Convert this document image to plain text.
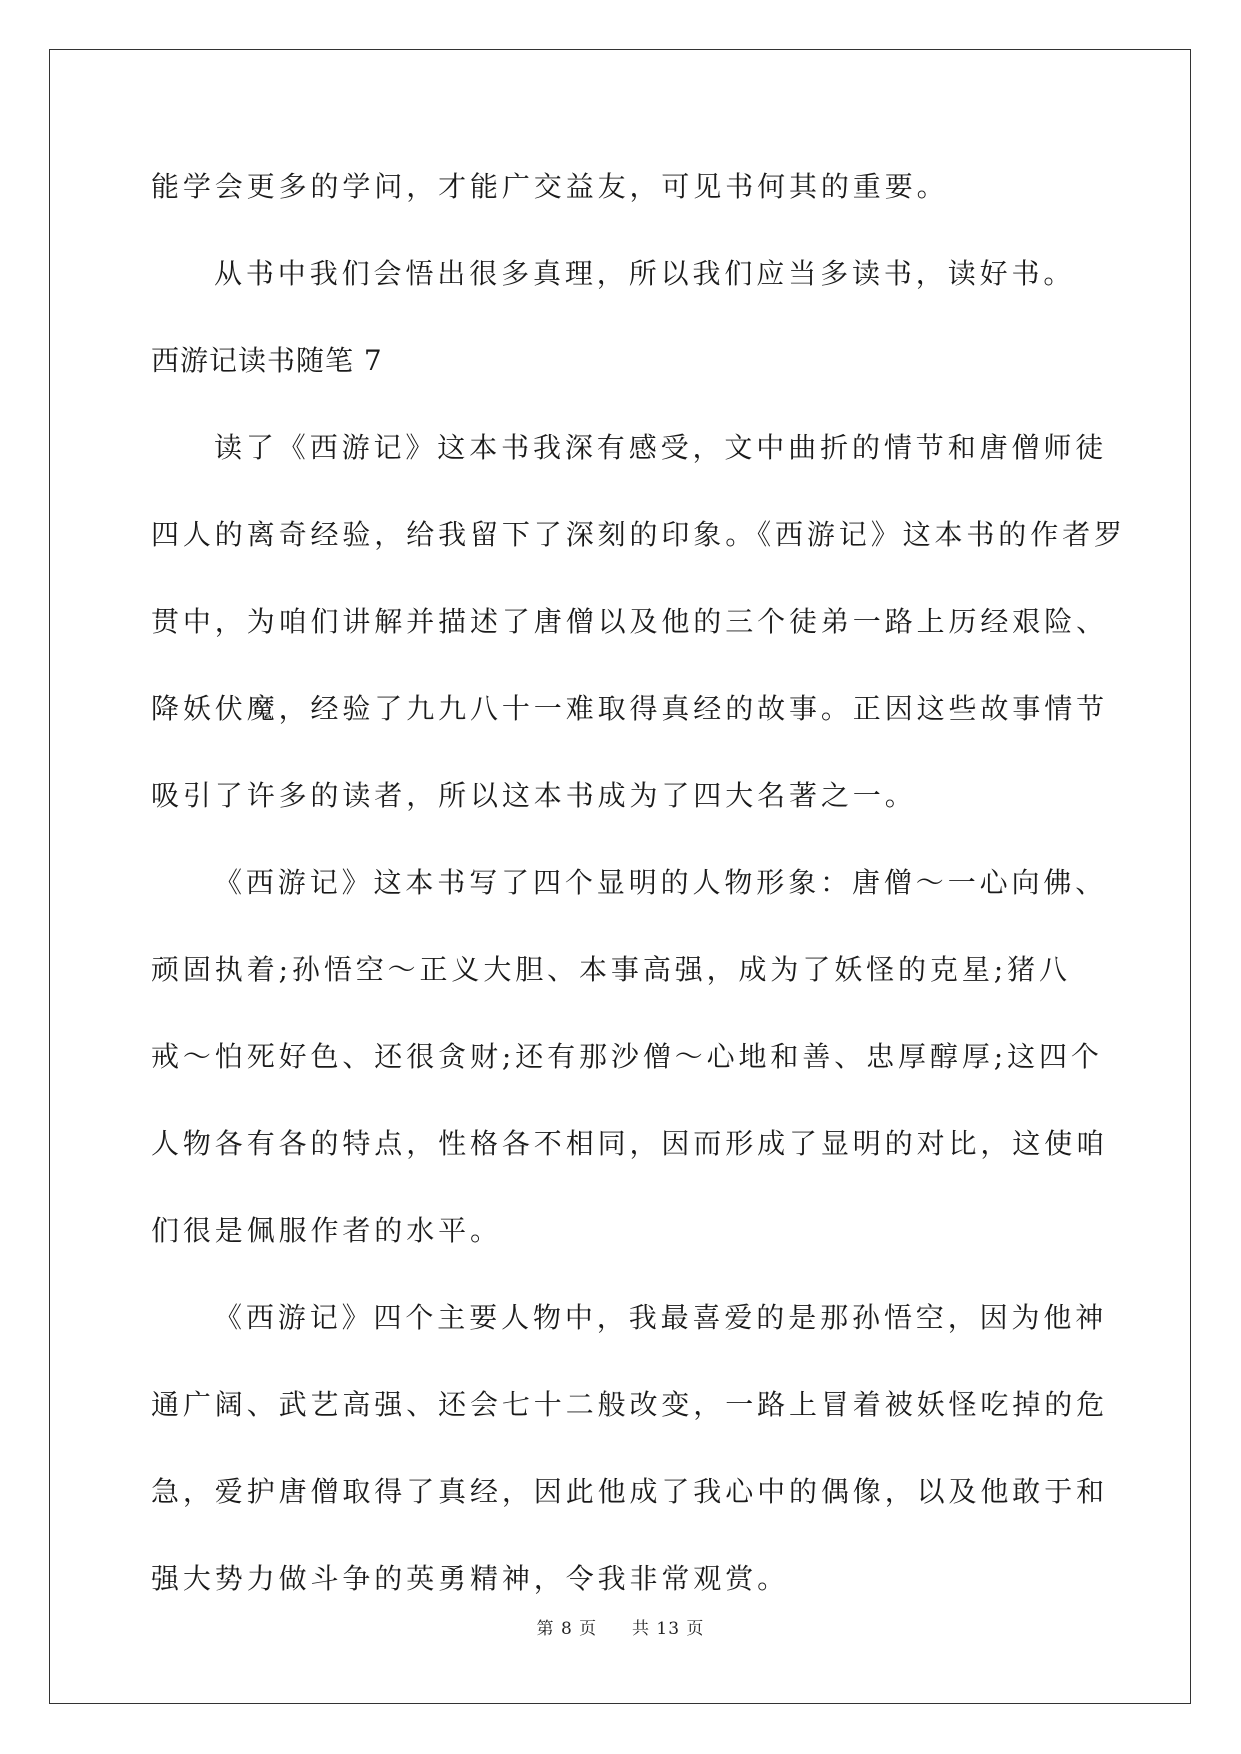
能学会更多的学问，才能广交益友，可见书何其的重要。
从书中我们会悟出很多真理，所以我们应当多读书，读好书。
西游记读书随笔 7
读了《西游记》这本书我深有感受，文中曲折的情节和唐僧师徒
四人的离奇经验，给我留下了深刻的印象。《西游记》这本书的作者罗
贯中，为咱们讲解并描述了唐僧以及他的三个徒弟一路上历经艰险、
降妖伏魔，经验了九九八十一难取得真经的故事。正因这些故事情节
吸引了许多的读者，所以这本书成为了四大名著之一。
《西游记》这本书写了四个显明的人物形象：唐僧～一心向佛、
顽固执着;孙悟空～正义大胆、本事高强，成为了妖怪的克星;猪八
戒～怕死好色、还很贪财;还有那沙僧～心地和善、忠厚醇厚;这四个
人物各有各的特点，性格各不相同，因而形成了显明的对比，这使咱
们很是佩服作者的水平。
《西游记》四个主要人物中，我最喜爱的是那孙悟空，因为他神
通广阔、武艺高强、还会七十二般改变，一路上冒着被妖怪吃掉的危
急，爱护唐僧取得了真经，因此他成了我心中的偶像，以及他敢于和
强大势力做斗争的英勇精神，令我非常观赏。
第 8 页 共 13 页
